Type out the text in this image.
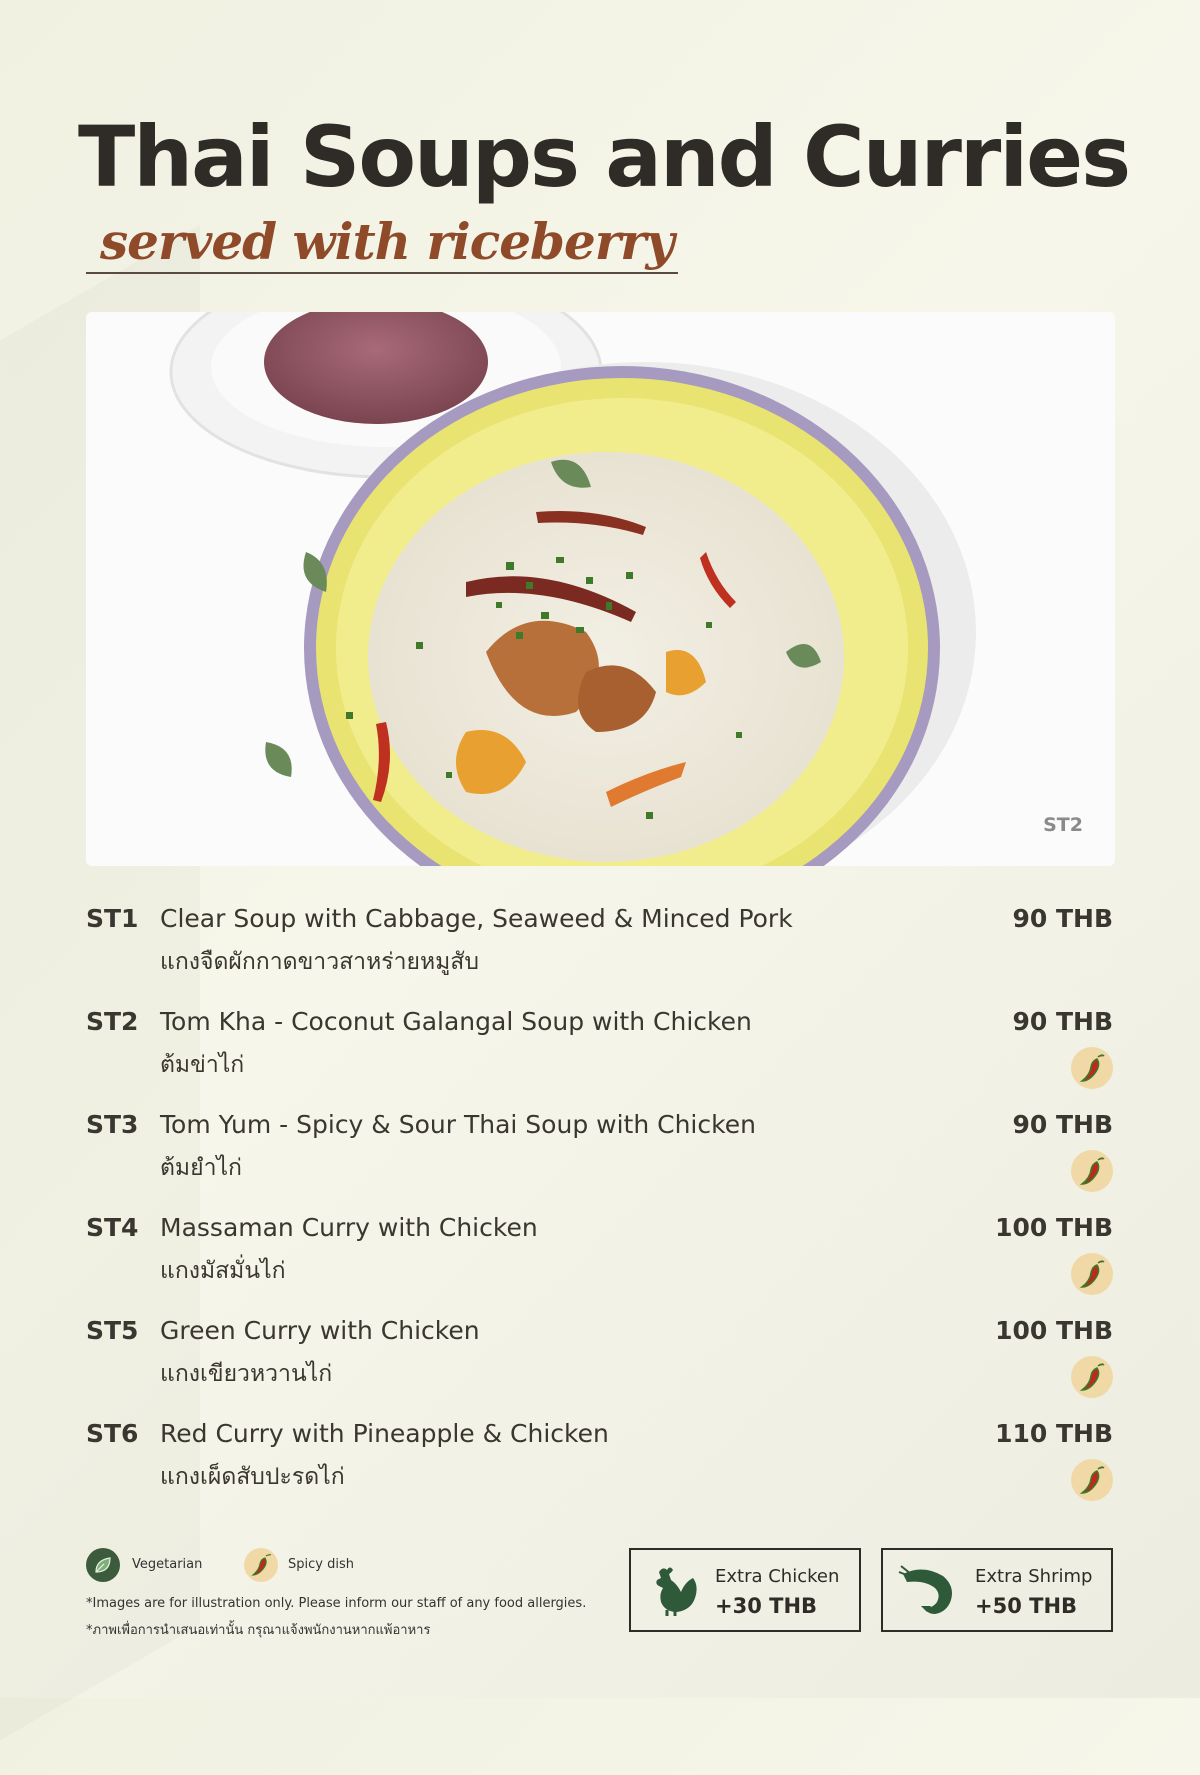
Thai Soups and Curries
served with riceberry
ST2
ST1 Clear Soup with Cabbage, Seaweed & Minced Pork
แกงจืดผักกาดขาวสาหร่ายหมูสับ
90 THB
ST2 Tom Kha - Coconut Galangal Soup with Chicken
ต้มข่าไก่
90 THB
ST3 Tom Yum - Spicy & Sour Thai Soup with Chicken
ต้มยำไก่
90 THB
ST4 Massaman Curry with Chicken
แกงมัสมั่นไก่
100 THB
ST5 Green Curry with Chicken
แกงเขียวหวานไก่
100 THB
ST6 Red Curry with Pineapple & Chicken
แกงเผ็ดสับปะรดไก่
110 THB
Vegetarian	Spicy dish
*Images are for illustration only. Please inform our staff of any food allergies.
*ภาพเพื่อการนำเสนอเท่านั้น กรุณาแจ้งพนักงานหากแพ้อาหาร
Extra Chicken
+30 THB
Extra Shrimp
+50 THB
